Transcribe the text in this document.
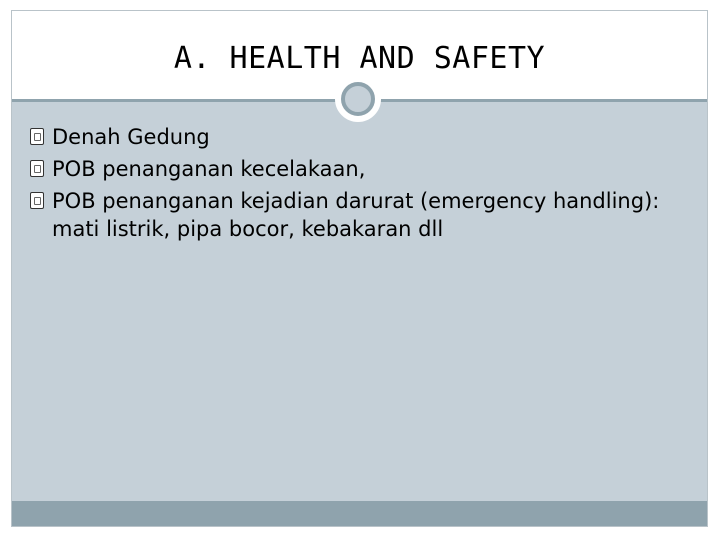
A. HEALTH AND SAFETY
Denah Gedung
POB penanganan kecelakaan,
POB penanganan kejadian darurat (emergency handling): mati listrik, pipa bocor, kebakaran dll
